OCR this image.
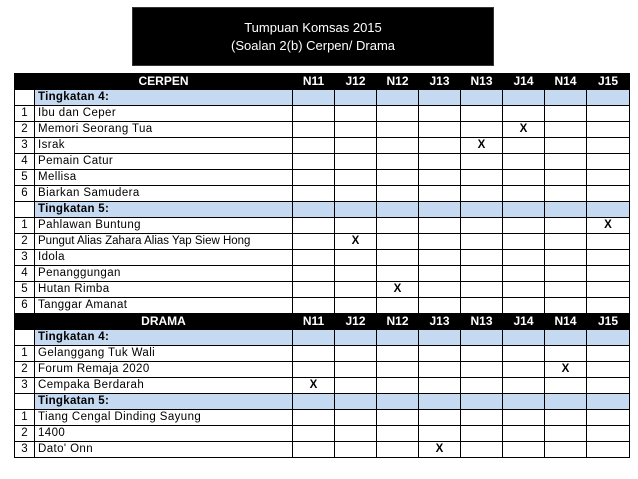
Tumpuan Komsas 2015
(Soalan 2(b) Cerpen/ Drama
	CERPEN	N11	J12	N12	J13	N13	J14	N14	J15
	Tingkatan 4:								
1	Ibu dan Ceper								
2	Memori Seorang Tua						X		
3	Israk					X			
4	Pemain Catur								
5	Mellisa								
6	Biarkan Samudera								
	Tingkatan 5:								
1	Pahlawan Buntung								X
2	Pungut Alias Zahara Alias Yap Siew Hong		X						
3	Idola								
4	Penanggungan								
5	Hutan Rimba			X					
6	Tanggar Amanat								
	DRAMA	N11	J12	N12	J13	N13	J14	N14	J15
	Tingkatan 4:								
1	Gelanggang Tuk Wali								
2	Forum Remaja 2020							X	
3	Cempaka Berdarah	X							
	Tingkatan 5:								
1	Tiang Cengal Dinding Sayung								
2	1400								
3	Dato' Onn				X				
